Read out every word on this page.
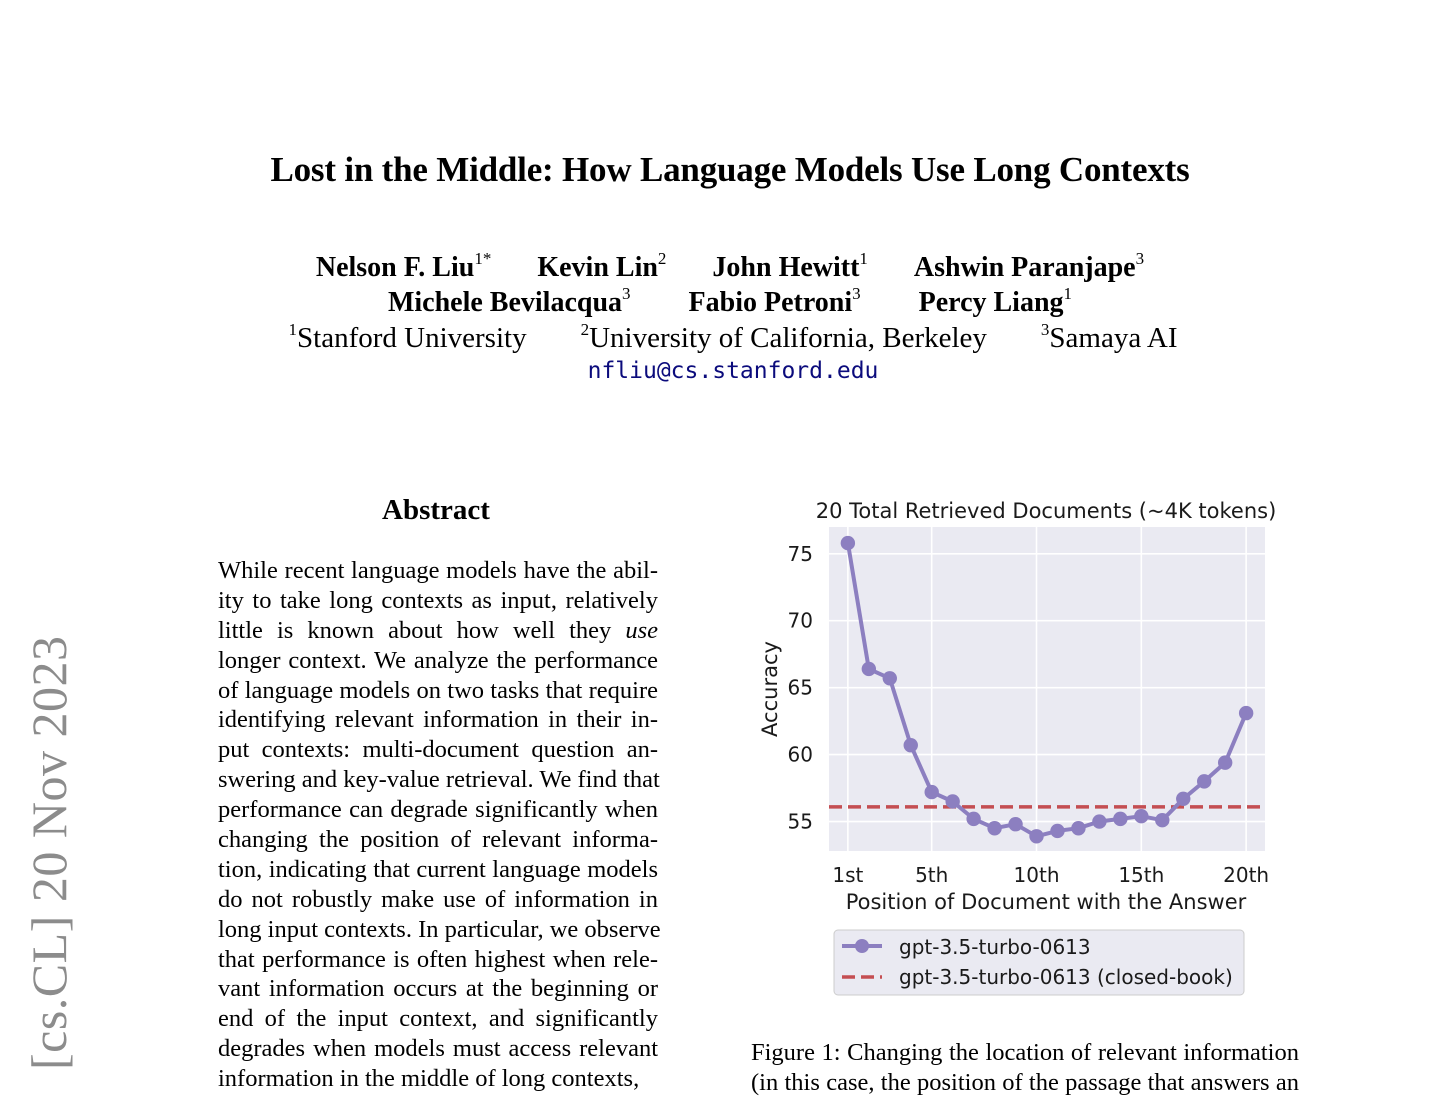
Lost in the Middle: How Language Models Use Long Contexts
Nelson F. Liu$^{1*}$ Kevin Lin$^2$ John Hewitt$^1$ Ashwin Paranjape$^3$
Michele Bevilacqua$^3$ Fabio Petroni$^3$ Percy Liang$^1$
$^1$Stanford University	$^2$University of California, Berkeley	$^3$Samaya AI
nfliu@cs.stanford.edu
[cs.CL] 20 Nov 2023
Abstract
While recent language models have the abil-
ity to take long contexts as input, relatively
little is known about how well they use
longer context. We analyze the performance
of language models on two tasks that require
identifying relevant information in their in-
put contexts: multi-document question an-
swering and key-value retrieval. We find that
performance can degrade significantly when
changing the position of relevant informa-
tion, indicating that current language models
do not robustly make use of information in
long input contexts. In particular, we observe
that performance is often highest when rele-
vant information occurs at the beginning or
end of the input context, and significantly
degrades when models must access relevant
information in the middle of long contexts,
20 Total Retrieved Documents (~4K tokens)
1st	5th	10th	15th	20th
55
60
65
70
75
Accuracy
Position of Document with the Answer
gpt-3.5-turbo-0613
gpt-3.5-turbo-0613 (closed-book)
Figure 1: Changing the location of relevant information
(in this case, the position of the passage that answers an
